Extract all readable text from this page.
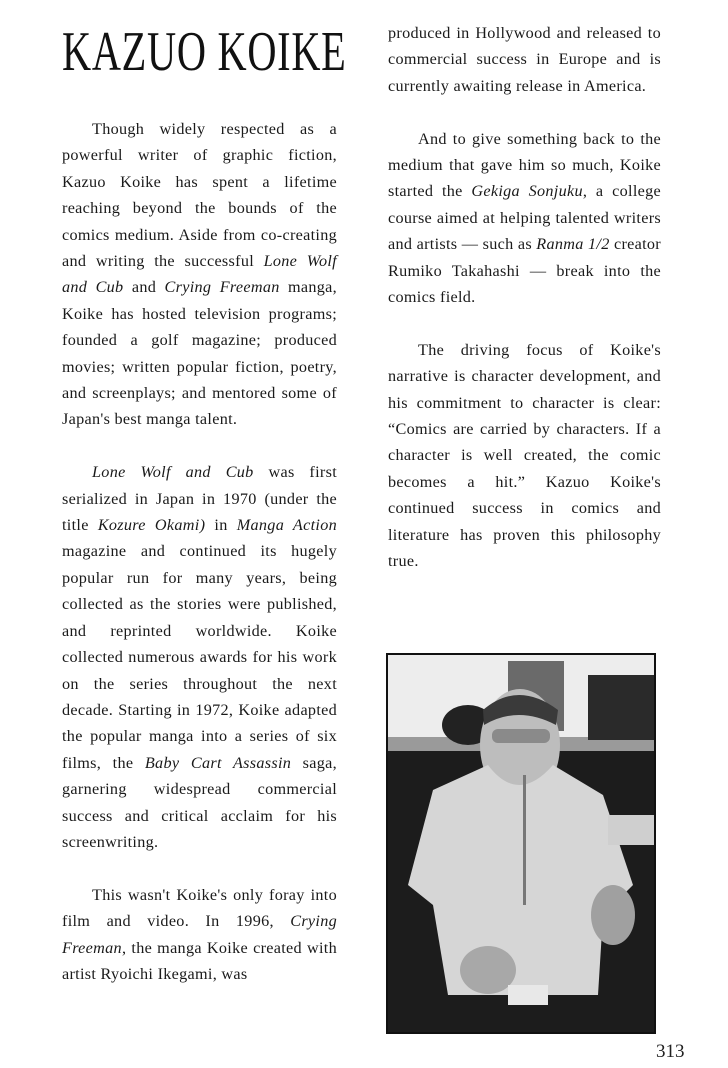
KAZUO KOIKE

Though widely respected as a powerful writer of graphic fiction, Kazuo Koike has spent a lifetime reaching beyond the bounds of the comics medium. Aside from co-creating and writing the successful Lone Wolf and Cub and Crying Freeman manga, Koike has hosted television programs; founded a golf magazine; produced movies; written popular fiction, poetry, and screenplays; and mentored some of Japan's best manga talent.

Lone Wolf and Cub was first serialized in Japan in 1970 (under the title Kozure Okami) in Manga Action magazine and continued its hugely popular run for many years, being collected as the stories were published, and reprinted worldwide. Koike collected numerous awards for his work on the series throughout the next decade. Starting in 1972, Koike adapted the popular manga into a series of six films, the Baby Cart Assassin saga, garnering widespread commercial success and critical acclaim for his screenwriting.

This wasn't Koike's only foray into film and video. In 1996, Crying Freeman, the manga Koike created with artist Ryoichi Ikegami, was

produced in Hollywood and released to commercial success in Europe and is currently awaiting release in America.

And to give something back to the medium that gave him so much, Koike started the Gekiga Sonjuku, a college course aimed at helping talented writers and artists — such as Ranma 1/2 creator Rumiko Takahashi — break into the comics field.

The driving focus of Koike's narrative is character development, and his commitment to character is clear: “Comics are carried by characters. If a character is well created, the comic becomes a hit.” Kazuo Koike's continued success in comics and literature has proven this philosophy true.

313
